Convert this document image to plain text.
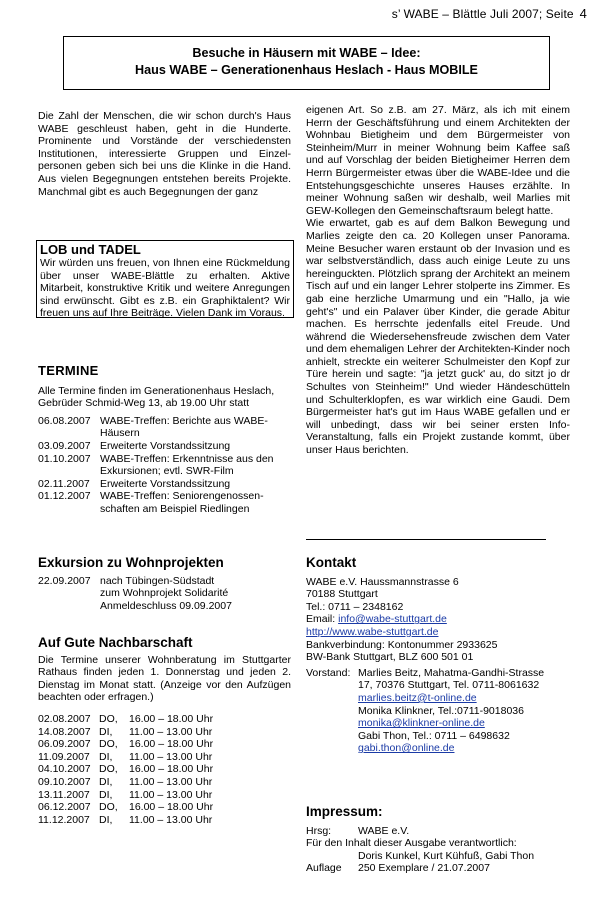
s’ WABE – Blättle Juli 2007; Seite 4
Besuche in Häusern mit WABE – Idee:
Haus WABE – Generationenhaus Heslach - Haus MOBILE
Die Zahl der Menschen, die wir schon durch's Haus WABE geschleust haben, geht in die Hunderte. Prominente und Vorstände der verschiedensten Institutionen, interessierte Gruppen und Einzelpersonen geben sich bei uns die Klinke in die Hand. Aus vielen Begegnungen entstehen bereits Projekte. Manchmal gibt es auch Begegnungen der ganz
LOB und TADEL
Wir würden uns freuen, von Ihnen eine Rückmeldung über unser WABE-Blättle zu erhalten. Aktive Mitarbeit, konstruktive Kritik und weitere Anregungen sind erwünscht. Gibt es z.B. ein Graphiktalent? Wir freuen uns auf Ihre Beiträge. Vielen Dank im Voraus.
TERMINE
Alle Termine finden im Generationenhaus Heslach, Gebrüder Schmid-Weg 13, ab 19.00 Uhr statt
06.08.2007 WABE-Treffen: Berichte aus WABE-Häusern
03.09.2007 Erweiterte Vorstandssitzung
01.10.2007 WABE-Treffen: Erkenntnisse aus den Exkursionen; evtl. SWR-Film
02.11.2007 Erweiterte Vorstandssitzung
01.12.2007 WABE-Treffen: Seniorengenossen-schaften am Beispiel Riedlingen
Exkursion zu Wohnprojekten
22.09.2007 nach Tübingen-Südstadt
zum Wohnprojekt Solidarité
Anmeldeschluss 09.09.2007
Auf Gute Nachbarschaft
Die Termine unserer Wohnberatung im Stuttgarter Rathaus finden jeden 1. Donnerstag und jeden 2. Dienstag im Monat statt. (Anzeige vor den Aufzügen beachten oder erfragen.)
02.08.2007 DO,	16.00 – 18.00 Uhr
14.08.2007 DI,	11.00 – 13.00 Uhr
06.09.2007 DO,	16.00 – 18.00 Uhr
11.09.2007 DI,	11.00 – 13.00 Uhr
04.10.2007 DO,	16.00 – 18.00 Uhr
09.10.2007 DI,	11.00 – 13.00 Uhr
13.11.2007 DI,	11.00 – 13.00 Uhr
06.12.2007 DO,	16.00 – 18.00 Uhr
11.12.2007 DI,	11.00 – 13.00 Uhr
eigenen Art. So z.B. am 27. März, als ich mit einem Herrn der Geschäftsführung und einem Architekten der Wohnbau Bietigheim und dem Bürgermeister von Steinheim/Murr in meiner Wohnung beim Kaffee saß und auf Vorschlag der beiden Bietigheimer Herren dem Herrn Bürgermeister etwas über die WABE-Idee und die Entstehungsgeschichte unseres Hauses erzählte. In meiner Wohnung saßen wir deshalb, weil Marlies mit GEW-Kollegen den Gemeinschaftsraum belegt hatte.
Wie erwartet, gab es auf dem Balkon Bewegung und Marlies zeigte den ca. 20 Kollegen unser Panorama. Meine Besucher waren erstaunt ob der Invasion und es war selbstverständlich, dass auch einige Leute zu uns hereinguckten. Plötzlich sprang der Architekt an meinem Tisch auf und ein langer Lehrer stolperte ins Zimmer. Es gab eine herzliche Umarmung und ein "Hallo, ja wie geht's" und ein Palaver über Kinder, die gerade Abitur machen. Es herrschte jedenfalls eitel Freude. Und während die Wiedersehensfreude zwischen dem Vater und dem ehemaligen Lehrer der Architekten-Kinder noch anhielt, streckte ein weiterer Schulmeister den Kopf zur Türe herein und sagte: "ja jetzt guck' au, do sitzt jo dr Schultes von Steinheim!" Und wieder Händeschütteln und Schulterklopfen, es war wirklich eine Gaudi. Dem Bürgermeister hat's gut im Haus WABE gefallen und er will unbedingt, dass wir bei seiner ersten Info-Veranstaltung, falls ein Projekt zustande kommt, über unser Haus berichten.
Kontakt
WABE e.V. Haussmannstrasse 6
70188 Stuttgart
Tel.: 0711 – 2348162
Email: info@wabe-stuttgart.de
http://www.wabe-stuttgart.de
Bankverbindung: Kontonummer 2933625
BW-Bank Stuttgart, BLZ 600 501 01
Vorstand: Marlies Beitz, Mahatma-Gandhi-Strasse
17, 70376 Stuttgart, Tel. 0711-8061632
marlies.beitz@t-online.de
Monika Klinkner, Tel.:0711-9018036
monika@klinkner-online.de
Gabi Thon, Tel.: 0711 – 6498632
gabi.thon@online.de
Impressum:
Hrsg:	WABE e.V.
Für den Inhalt dieser Ausgabe verantwortlich:
Doris Kunkel, Kurt Kühfuß, Gabi Thon
Auflage 250 Exemplare / 21.07.2007
